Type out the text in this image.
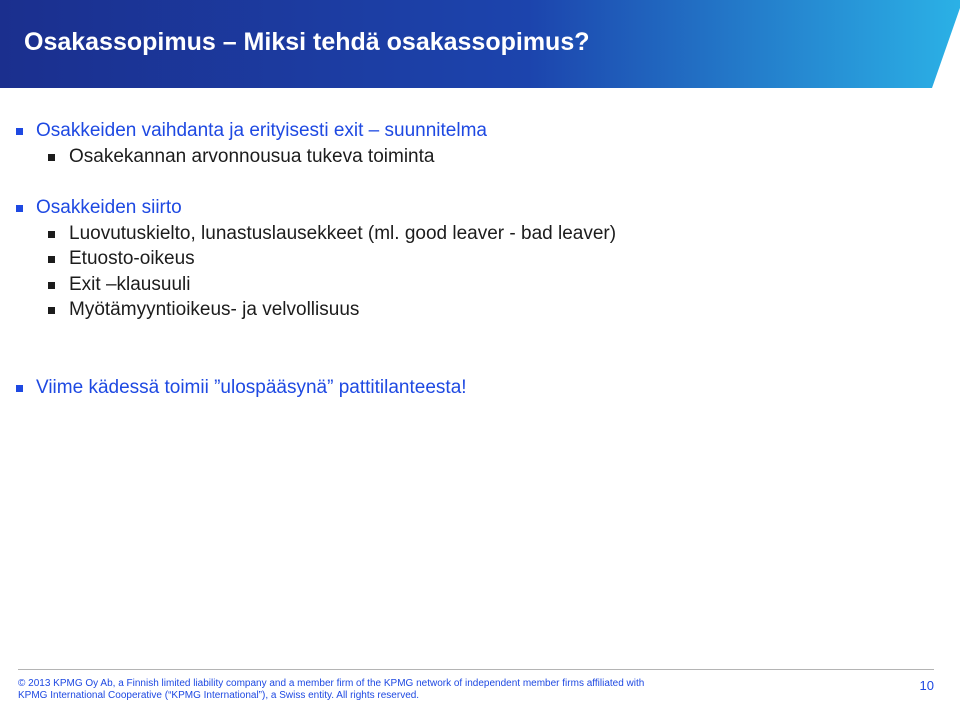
Osakassopimus – Miksi tehdä osakassopimus?
Osakkeiden vaihdanta ja erityisesti exit – suunnitelma
Osakekannan arvonnousua tukeva toiminta
Osakkeiden siirto
Luovutuskielto, lunastuslausekkeet (ml. good leaver - bad leaver)
Etuosto-oikeus
Exit –klausuuli
Myötämyyntioikeus- ja velvollisuus
Viime kädessä toimii ”ulospääsynä” pattitilanteesta!
© 2013 KPMG Oy Ab, a Finnish limited liability company and a member firm of the KPMG network of independent member firms affiliated with
KPMG International Cooperative (“KPMG International”), a Swiss entity. All rights reserved.
10
